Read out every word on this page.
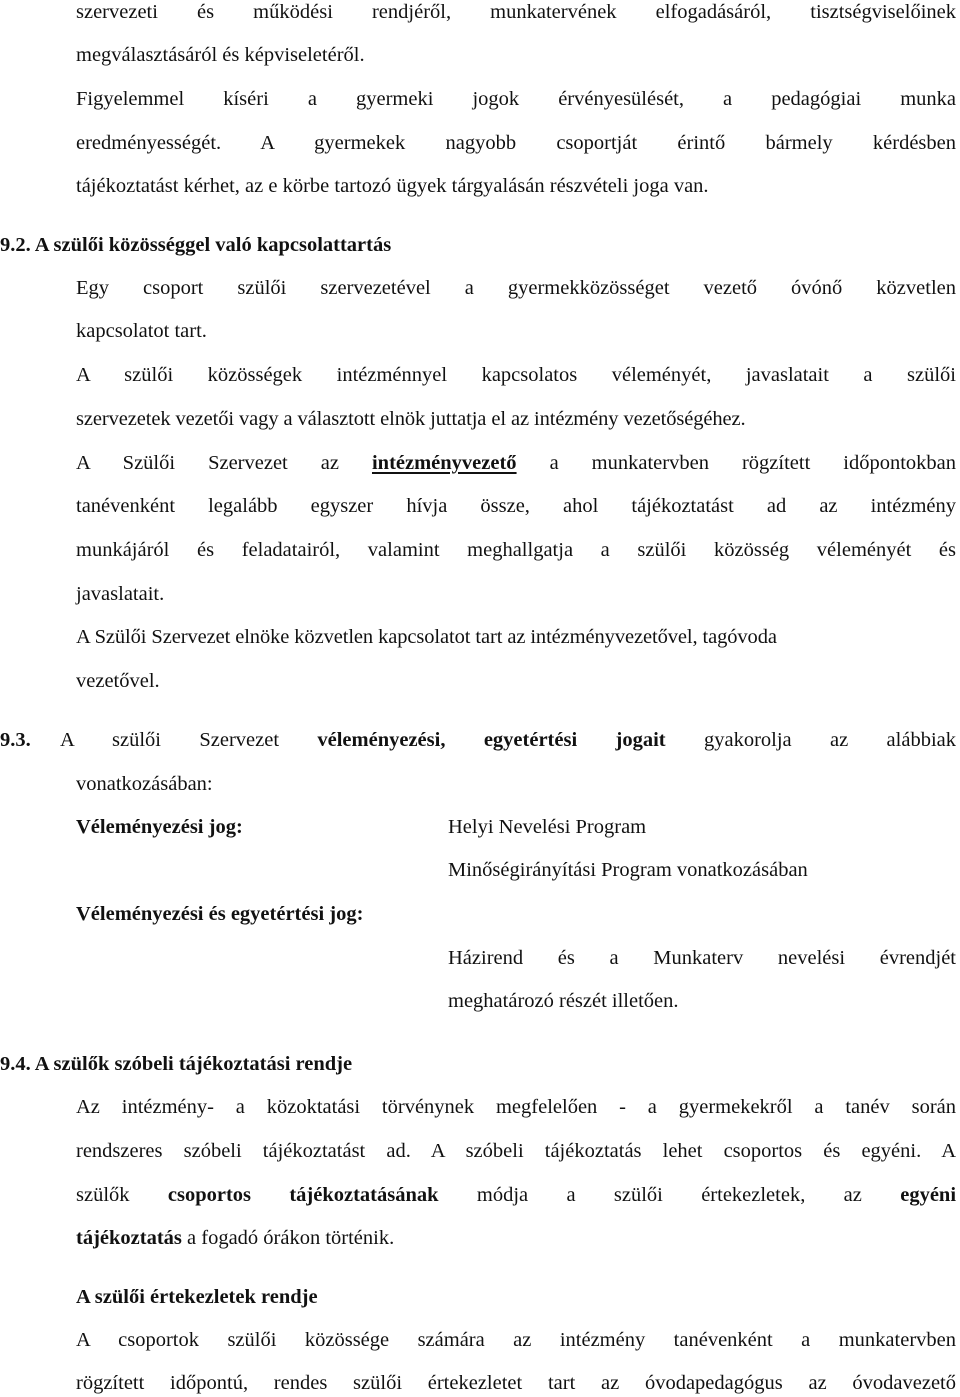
szervezeti és működési rendjéről, munkatervének elfogadásáról, tisztségviselőinek
megválasztásáról és képviseletéről.
Figyelemmel kíséri a gyermeki jogok érvényesülését, a pedagógiai munka
eredményességét. A gyermekek nagyobb csoportját érintő bármely kérdésben
tájékoztatást kérhet, az e körbe tartozó ügyek tárgyalásán részvételi joga van.
9.2. A szülői közösséggel való kapcsolattartás
Egy csoport szülői szervezetével a gyermekközösséget vezető óvónő közvetlen
kapcsolatot tart.
A szülői közösségek intézménnyel kapcsolatos véleményét, javaslatait a szülői
szervezetek vezetői vagy a választott elnök juttatja el az intézmény vezetőségéhez.
A Szülői Szervezet az intézményvezető a munkatervben rögzített időpontokban
tanévenként legalább egyszer hívja össze, ahol tájékoztatást ad az intézmény
munkájáról és feladatairól, valamint meghallgatja a szülői közösség véleményét és
javaslatait.
A Szülői Szervezet elnöke közvetlen kapcsolatot tart az intézményvezetővel, tagóvoda
vezetővel.
9.3.	A szülői Szervezet véleményezési, egyetértési jogait gyakorolja az alábbiak
vonatkozásában:
Véleményezési jog:	Helyi Nevelési Program
Minőségirányítási Program vonatkozásában
Véleményezési és egyetértési jog:
Házirend és a Munkaterv nevelési évrendjét
meghatározó részét illetően.
9.4. A szülők szóbeli tájékoztatási rendje
Az intézmény- a közoktatási törvénynek megfelelően - a gyermekekről a tanév során
rendszeres szóbeli tájékoztatást ad. A szóbeli tájékoztatás lehet csoportos és egyéni. A
szülők csoportos tájékoztatásának módja a szülői értekezletek, az egyéni
tájékoztatás a fogadó órákon történik.
A szülői értekezletek rendje
A csoportok szülői közössége számára az intézmény tanévenként a munkatervben
rögzített időpontú, rendes szülői értekezletet tart az óvodapedagógus az óvodavezető
